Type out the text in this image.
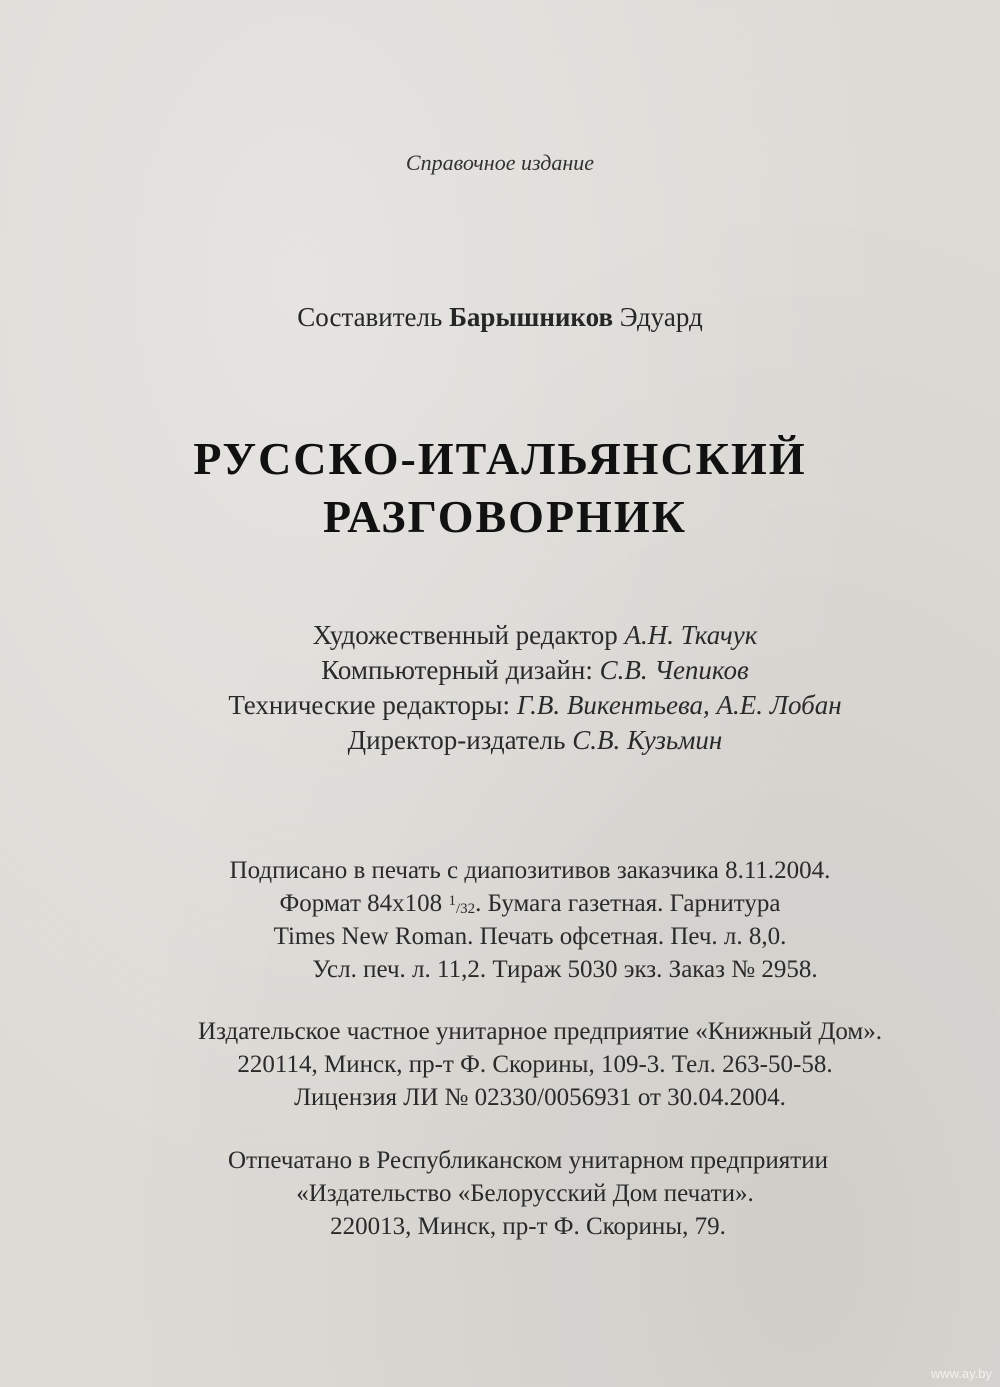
Справочное издание
Составитель Барышников Эдуард
РУССКО-ИТАЛЬЯНСКИЙ
РАЗГОВОРНИК
Художественный редактор А.Н. Ткачук
Компьютерный дизайн: С.В. Чепиков
Технические редакторы: Г.В. Викентьева, А.Е. Лобан
Директор-издатель С.В. Кузьмин
Подписано в печать с диапозитивов заказчика 8.11.2004.
Формат 84x108 $^1$/32. Бумага газетная. Гарнитура
Times New Roman. Печать офсетная. Печ. л. 8,0.
Усл. печ. л. 11,2. Тираж 5030 экз. Заказ № 2958.
Издательское частное унитарное предприятие «Книжный Дом».
220114, Минск, пр-т Ф. Скорины, 109-3. Тел. 263-50-58.
Лицензия ЛИ № 02330/0056931 от 30.04.2004.
Отпечатано в Республиканском унитарном предприятии
«Издательство «Белорусский Дом печати».
220013, Минск, пр-т Ф. Скорины, 79.
www.ay.by
